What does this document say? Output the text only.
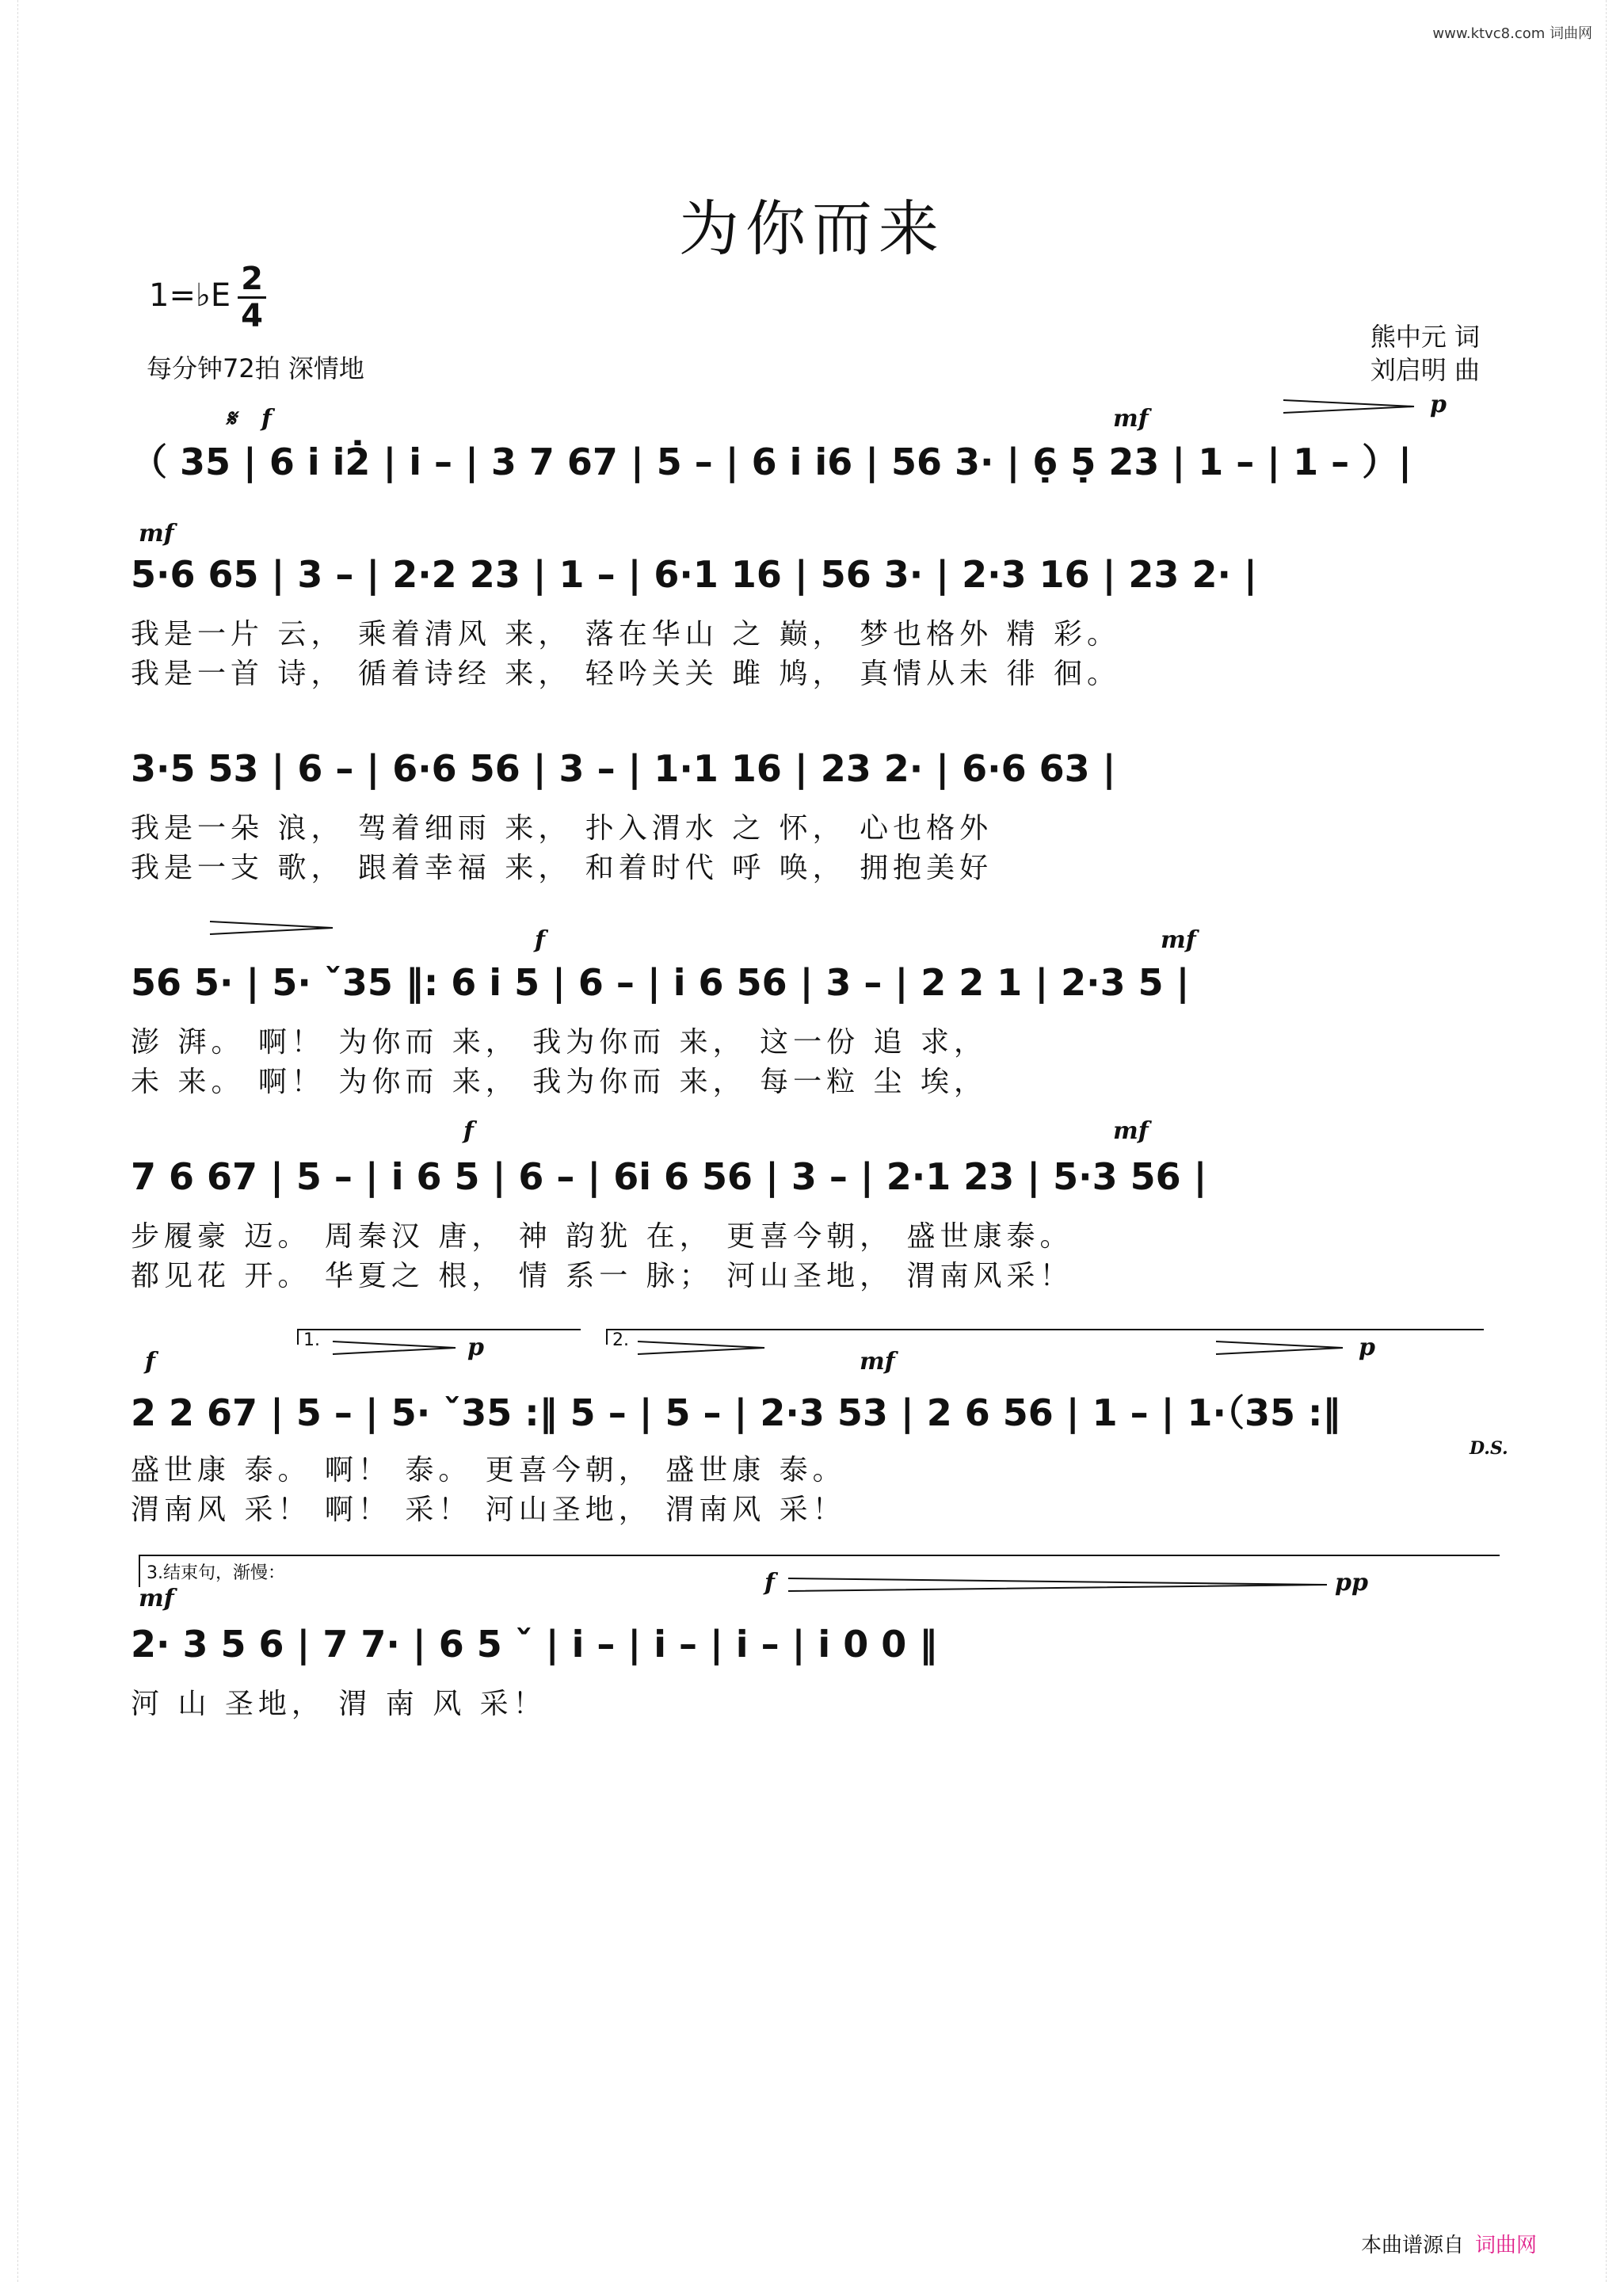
www.ktvc8.com 词曲网
为你而来
1=♭E $\frac{2}{4}$
每分钟72拍 深情地
熊中元 词
刘启明 曲
𝄋 f	mf
p
（ 35 | 6 i̇ i̇2̇ | i̇ – | 3 7 67 | 5 – | 6 i̇ i̇6 | 56 3· | 6̣ 5̣ 23 | 1 – | 1 – ）|
mf
5·6 65 | 3 – | 2·2 23 | 1 – | 6·1 16 | 56 3· | 2·3 16 | 23 2· |
我是一片 云， 乘着清风 来， 落在华山 之 巅， 梦也格外 精 彩。
我是一首 诗， 循着诗经 来， 轻吟关关 雎 鸠， 真情从未 徘 徊。
3·5 53 | 6 – | 6·6 56 | 3 – | 1·1 16 | 23 2· | 6·6 63 |
我是一朵 浪， 驾着细雨 来， 扑入渭水 之 怀， 心也格外
我是一支 歌， 跟着幸福 来， 和着时代 呼 唤， 拥抱美好
f	mf
56 5· | 5· ˇ35 ‖: 6 i̇ 5 | 6 – | i̇ 6 56 | 3 – | 2 2 1 | 2·3 5 |
澎 湃。 啊！ 为你而 来， 我为你而 来， 这一份 追 求，
未 来。 啊！ 为你而 来， 我为你而 来， 每一粒 尘 埃，
f	mf
7 6 67 | 5 – | i̇ 6 5 | 6 – | 6i̇ 6 56 | 3 – | 2·1 23 | 5·3 56 |
步履豪 迈。 周秦汉 唐， 神 韵犹 在， 更喜今朝， 盛世康泰。
都见花 开。 华夏之 根， 情 系一 脉； 河山圣地， 渭南风采！
1.	2.
f
p
mf
p
2 2 67 | 5 – | 5· ˇ35 :‖ 5 – | 5 – | 2·3 53 | 2 6 56 | 1 – | 1·（35 :‖
D.S.
盛世康 泰。 啊！ 泰。 更喜今朝， 盛世康 泰。
渭南风 采！ 啊！ 采！ 河山圣地， 渭南风 采！
3.结束句，渐慢：
mf
f	pp
2· 3 5 6 | 7 7· | 6 5 ˇ | i̇ – | i̇ – | i̇ – | i̇ 0 0 ‖
河 山 圣地， 渭 南 风 采！
本曲谱源自 词曲网
